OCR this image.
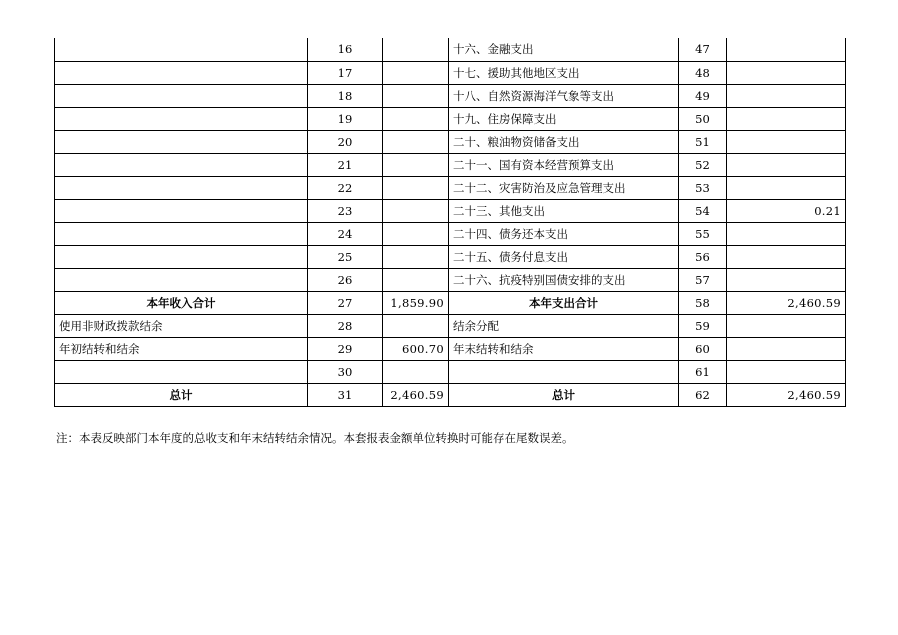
	16		十六、金融支出	47	
	17		十七、援助其他地区支出	48	
	18		十八、自然资源海洋气象等支出	49	
	19		十九、住房保障支出	50	
	20		二十、粮油物资储备支出	51	
	21		二十一、国有资本经营预算支出	52	
	22		二十二、灾害防治及应急管理支出	53	
	23		二十三、其他支出	54	0.21
	24		二十四、债务还本支出	55	
	25		二十五、债务付息支出	56	
	26		二十六、抗疫特别国债安排的支出	57	
本年收入合计	27	1,859.90	本年支出合计	58	2,460.59
使用非财政拨款结余	28		结余分配	59	
年初结转和结余	29	600.70	年末结转和结余	60	
	30			61	
总计	31	2,460.59	总计	62	2,460.59
注：本表反映部门本年度的总收支和年末结转结余情况。本套报表金额单位转换时可能存在尾数误差。
